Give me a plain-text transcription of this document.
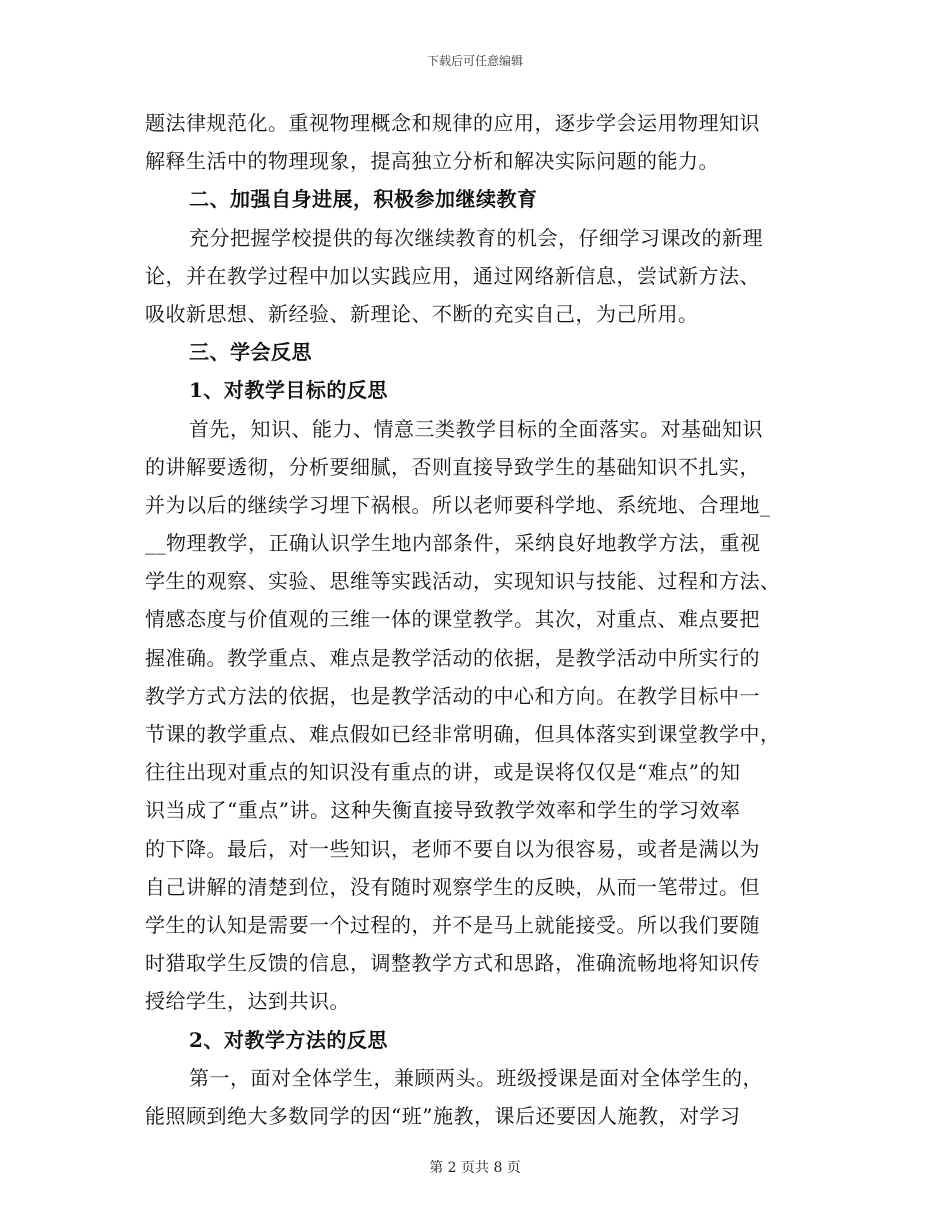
下载后可任意编辑
题法律规范化。重视物理概念和规律的应用，逐步学会运用物理知识
解释生活中的物理现象，提高独立分析和解决实际问题的能力。
二、加强自身进展，积极参加继续教育
充分把握学校提供的每次继续教育的机会，仔细学习课改的新理
论，并在教学过程中加以实践应用，通过网络新信息，尝试新方法、
吸收新思想、新经验、新理论、不断的充实自己，为己所用。
三、学会反思
1、对教学目标的反思
首先，知识、能力、情意三类教学目标的全面落实。对基础知识
的讲解要透彻，分析要细腻，否则直接导致学生的基础知识不扎实，
并为以后的继续学习埋下祸根。所以老师要科学地、系统地、合理地_
__物理教学，正确认识学生地内部条件，采纳良好地教学方法，重视
学生的观察、实验、思维等实践活动，实现知识与技能、过程和方法、
情感态度与价值观的三维一体的课堂教学。其次，对重点、难点要把
握准确。教学重点、难点是教学活动的依据，是教学活动中所实行的
教学方式方法的依据，也是教学活动的中心和方向。在教学目标中一
节课的教学重点、难点假如已经非常明确，但具体落实到课堂教学中，
往往出现对重点的知识没有重点的讲，或是误将仅仅是“难点”的知
识当成了“重点”讲。这种失衡直接导致教学效率和学生的学习效率
的下降。最后，对一些知识，老师不要自以为很容易，或者是满以为
自己讲解的清楚到位，没有随时观察学生的反映，从而一笔带过。但
学生的认知是需要一个过程的，并不是马上就能接受。所以我们要随
时猎取学生反馈的信息，调整教学方式和思路，准确流畅地将知识传
授给学生，达到共识。
2、对教学方法的反思
第一，面对全体学生，兼顾两头。班级授课是面对全体学生的，
能照顾到绝大多数同学的因“班”施教，课后还要因人施教，对学习
第 2 页共 8 页
